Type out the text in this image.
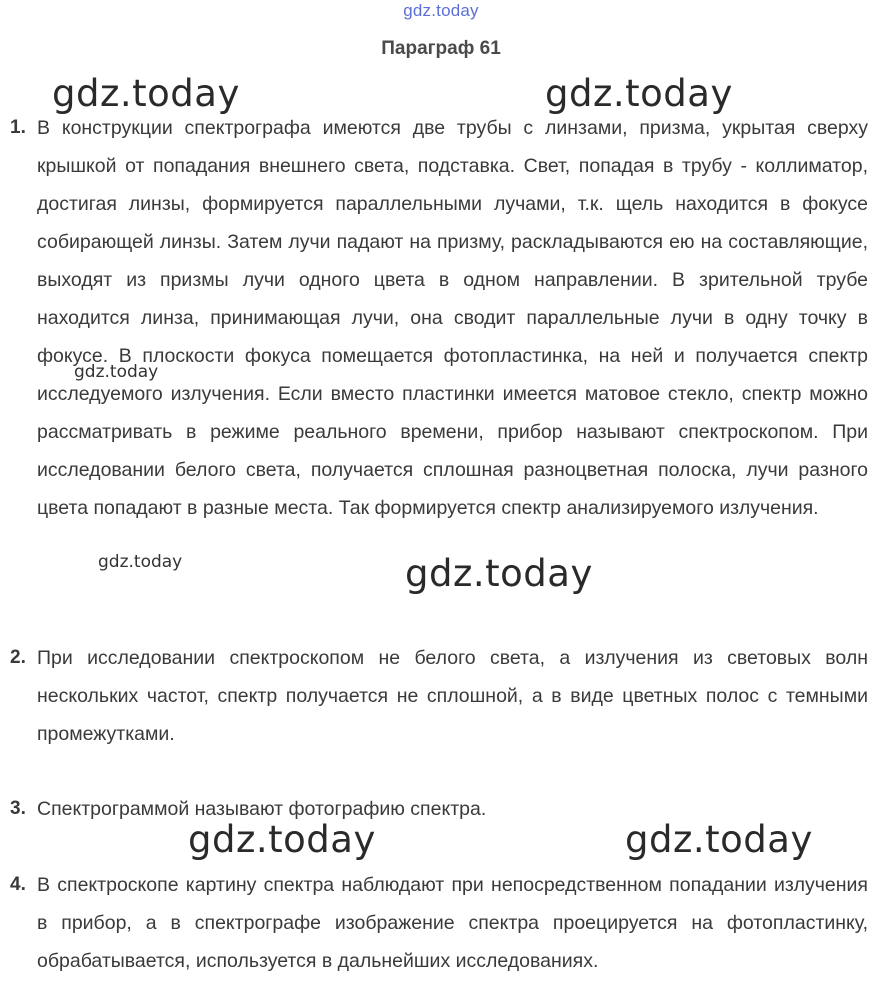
gdz.today
Параграф 61
1. В конструкции спектрографа имеются две трубы с линзами, призма, укрытая сверху крышкой от попадания внешнего света, подставка. Свет, попадая в трубу - коллиматор, достигая линзы, формируется параллельными лучами, т.к. щель находится в фокусе собирающей линзы. Затем лучи падают на призму, раскладываются ею на составляющие, выходят из призмы лучи одного цвета в одном направлении. В зрительной трубе находится линза, принимающая лучи, она сводит параллельные лучи в одну точку в фокусе. В плоскости фокуса помещается фотопластинка, на ней и получается спектр исследуемого излучения. Если вместо пластинки имеется матовое стекло, спектр можно рассматривать в режиме реального времени, прибор называют спектроскопом. При исследовании белого света, получается сплошная разноцветная полоска, лучи разного цвета попадают в разные места. Так формируется спектр анализируемого излучения.
2. При исследовании спектроскопом не белого света, а излучения из световых волн нескольких частот, спектр получается не сплошной, а в виде цветных полос с темными промежутками.
3. Спектрограммой называют фотографию спектра.
4. В спектроскопе картину спектра наблюдают при непосредственном попадании излучения в прибор, а в спектрографе изображение спектра проецируется на фотопластинку, обрабатывается, используется в дальнейших исследованиях.
gdz.today	gdz.today
gdz.today
gdz.today	gdz.today
gdz.today
gdz.today
